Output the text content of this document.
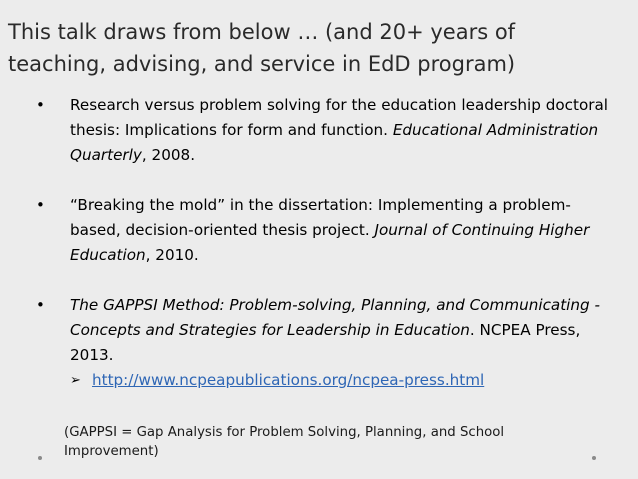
This talk draws from below … (and 20+ years of
teaching, advising, and service in EdD program)
• Research versus problem solving for the education leadership doctoral thesis: Implications for form and function. Educational Administration Quarterly, 2008.
• “Breaking the mold” in the dissertation: Implementing a problem-based, decision-oriented thesis project. Journal of Continuing Higher Education, 2010.
• The GAPPSI Method: Problem-solving, Planning, and Communicating - Concepts and Strategies for Leadership in Education. NCPEA Press, 2013.
➢ http://www.ncpeapublications.org/ncpea-press.html
(GAPPSI = Gap Analysis for Problem Solving, Planning, and School Improvement)
